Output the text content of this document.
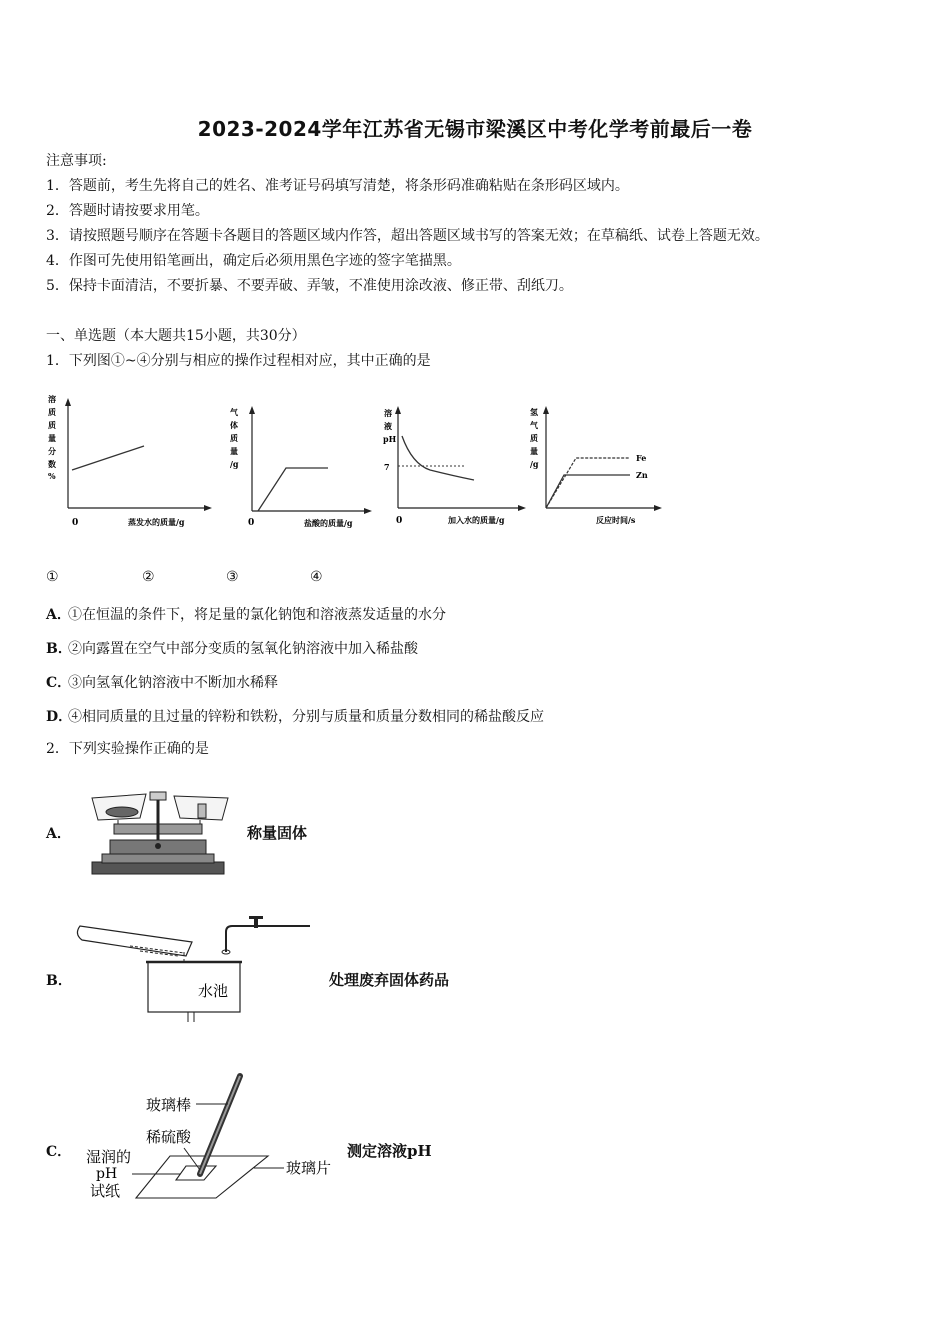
2023-2024学年江苏省无锡市梁溪区中考化学考前最后一卷
注意事项:
1．答题前，考生先将自己的姓名、准考证号码填写清楚，将条形码准确粘贴在条形码区域内。
2．答题时请按要求用笔。
3．请按照题号顺序在答题卡各题目的答题区域内作答，超出答题区域书写的答案无效；在草稿纸、试卷上答题无效。
4．作图可先使用铅笔画出，确定后必须用黑色字迹的签字笔描黑。
5．保持卡面清洁，不要折暴、不要弄破、弄皱，不准使用涂改液、修正带、刮纸刀。
一、单选题（本大题共15小题，共30分）
1．下列图①~④分别与相应的操作过程相对应，其中正确的是
溶
质
质
量
分
数
%
0	蒸发水的质量/g
气
体
质
量
/g
0	盐酸的质量/g
溶
液
pH
7
0	加入水的质量/g
氢
气
质
量
/g
Fe
Zn
反应时间/s
①	②	③	④
A．①在恒温的条件下，将足量的氯化钠饱和溶液蒸发适量的水分
B．②向露置在空气中部分变质的氢氧化钠溶液中加入稀盐酸
C．③向氢氧化钠溶液中不断加水稀释
D．④相同质量的且过量的锌粉和铁粉，分别与质量和质量分数相同的稀盐酸反应
2．下列实验操作正确的是
A．	称量固体
B．
水池
处理废弃固体药品
C．
玻璃棒
稀硫酸
湿润的
pH
试纸
玻璃片
测定溶液pH
